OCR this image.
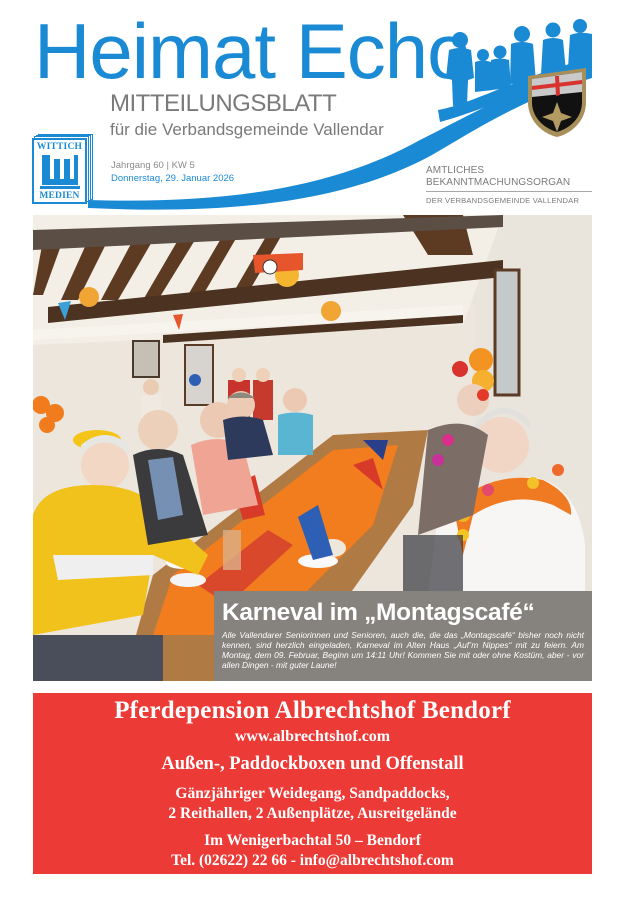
Heimat Echo
MITTEILUNGSBLATT
für die Verbandsgemeinde Vallendar
Jahrgang 60 | KW 5
Donnerstag, 29. Januar 2026
WITTICH
MEDIEN
AMTLICHES
BEKANNTMACHUNGSORGAN
DER VERBANDSGEMEINDE VALLENDAR
Karneval im „Montagscafé“
Alle Vallendarer Seniorinnen und Senioren, auch die, die das „Montagscafé“ bisher noch nicht kennen, sind herzlich eingeladen, Karneval im Alten Haus „Auf’m Nippes“ mit zu feiern. Am Montag, dem 09. Februar, Beginn um 14:11 Uhr! Kommen Sie mit oder ohne Kostüm, aber - vor allen Dingen - mit guter Laune!
Pferdepension Albrechtshof Bendorf
www.albrechtshof.com
Außen-, Paddockboxen und Offenstall
Gänzjähriger Weidegang, Sandpaddocks,
2 Reithallen, 2 Außenplätze, Ausreitgelände
Im Wenigerbachtal 50 – Bendorf
Tel. (02622) 22 66 - info@albrechtshof.com
